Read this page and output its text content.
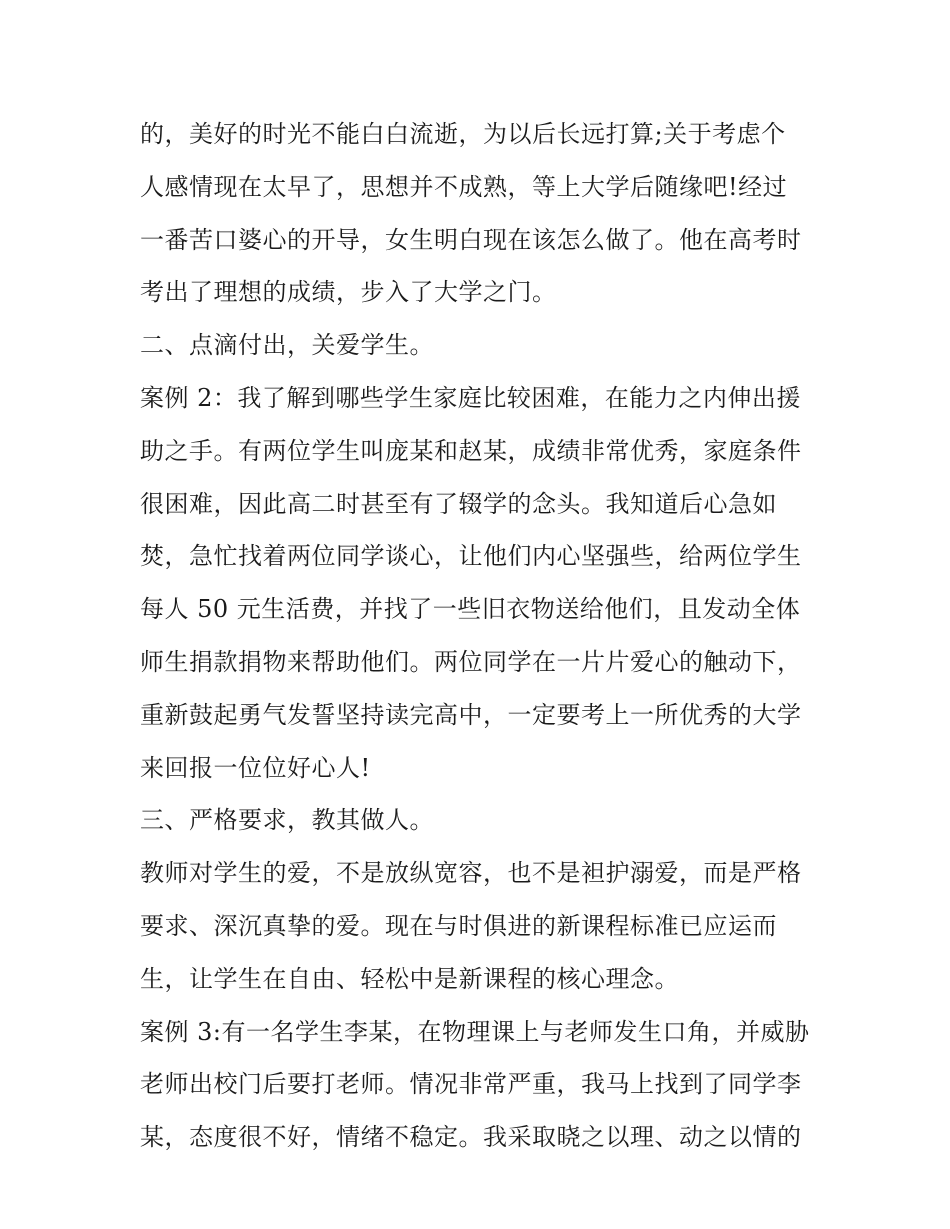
的，美好的时光不能白白流逝，为以后长远打算;关于考虑个
人感情现在太早了，思想并不成熟，等上大学后随缘吧!经过
一番苦口婆心的开导，女生明白现在该怎么做了。他在高考时
考出了理想的成绩，步入了大学之门。
二、点滴付出，关爱学生。
案例 2：我了解到哪些学生家庭比较困难，在能力之内伸出援
助之手。有两位学生叫庞某和赵某，成绩非常优秀，家庭条件
很困难，因此高二时甚至有了辍学的念头。我知道后心急如
焚，急忙找着两位同学谈心，让他们内心坚强些，给两位学生
每人 50 元生活费，并找了一些旧衣物送给他们，且发动全体
师生捐款捐物来帮助他们。两位同学在一片片爱心的触动下，
重新鼓起勇气发誓坚持读完高中，一定要考上一所优秀的大学
来回报一位位好心人!
三、严格要求，教其做人。
教师对学生的爱，不是放纵宽容，也不是袒护溺爱，而是严格
要求、深沉真挚的爱。现在与时俱进的新课程标准已应运而
生，让学生在自由、轻松中是新课程的核心理念。
案例 3:有一名学生李某，在物理课上与老师发生口角，并威胁
老师出校门后要打老师。情况非常严重，我马上找到了同学李
某，态度很不好，情绪不稳定。我采取晓之以理、动之以情的
